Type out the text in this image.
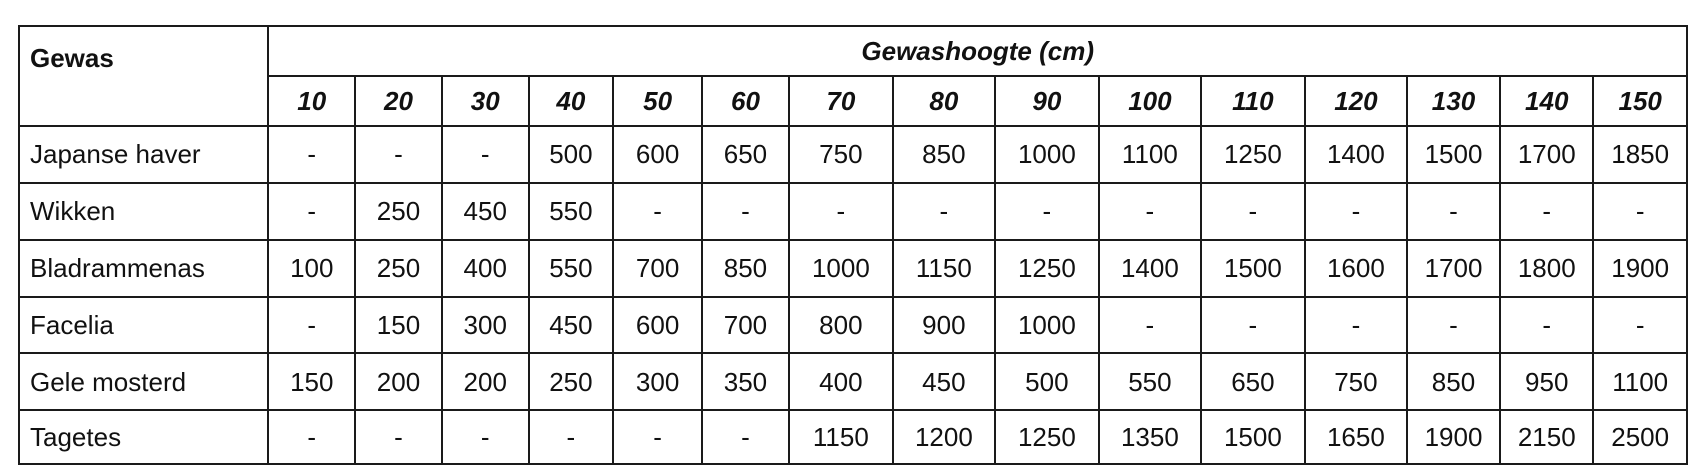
Gewas	Gewashoogte (cm)														
	10	20	30	40	50	60	70	80	90	100	110	120	130	140	150
Japanse haver	-	-	-	500	600	650	750	850	1000	1100	1250	1400	1500	1700	1850
Wikken	-	250	450	550	-	-	-	-	-	-	-	-	-	-	-
Bladrammenas	100	250	400	550	700	850	1000	1150	1250	1400	1500	1600	1700	1800	1900
Facelia	-	150	300	450	600	700	800	900	1000	-	-	-	-	-	-
Gele mosterd	150	200	200	250	300	350	400	450	500	550	650	750	850	950	1100
Tagetes	-	-	-	-	-	-	1150	1200	1250	1350	1500	1650	1900	2150	2500
